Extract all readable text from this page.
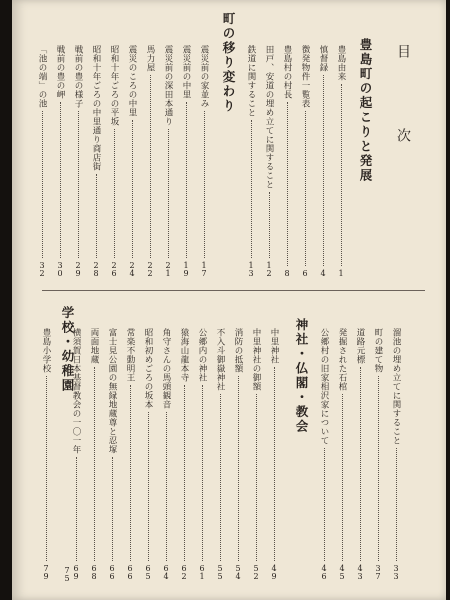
目
次
豊島町の起こりと発展
豊島由来
1
慎督録
4
徴発物件一覧表
6
豊島村の村長
8
田戸、安道の埋め立てに関すること
12
鉄道に関すること
13
町の移り変わり
震災前の家並み
17
震災前の中里
19
震災前の深田本通り
21
馬力屋
22
震災のころの中里
24
昭和十年ごろの平坂
26
昭和十年ごろの中里通り商店街
28
戦前の豊の様子
29
戦前の豊の岬
30
「池の端」の池
32
溜池の埋め立てに関すること
33
町の建て物
37
道路元標
43
発掘された石棺
45
公郷村の旧家相沢家について
46
神社・仏閣・教会
中里神社
49
中里神社の御額
52
消防の抵額
54
不入斗御嶽神社
55
公郷内の神社
61
猿海山龍本寺
62
角守さんの馬頭観音
64
昭和初めごろの坂本
65
常楽不動明王
66
富士見公園の無縁地蔵尊と忍塚
66
両面地蔵
68
横須賀日本基督教会の一〇一年
69
学校・幼稚園
75
豊島小学校
79
